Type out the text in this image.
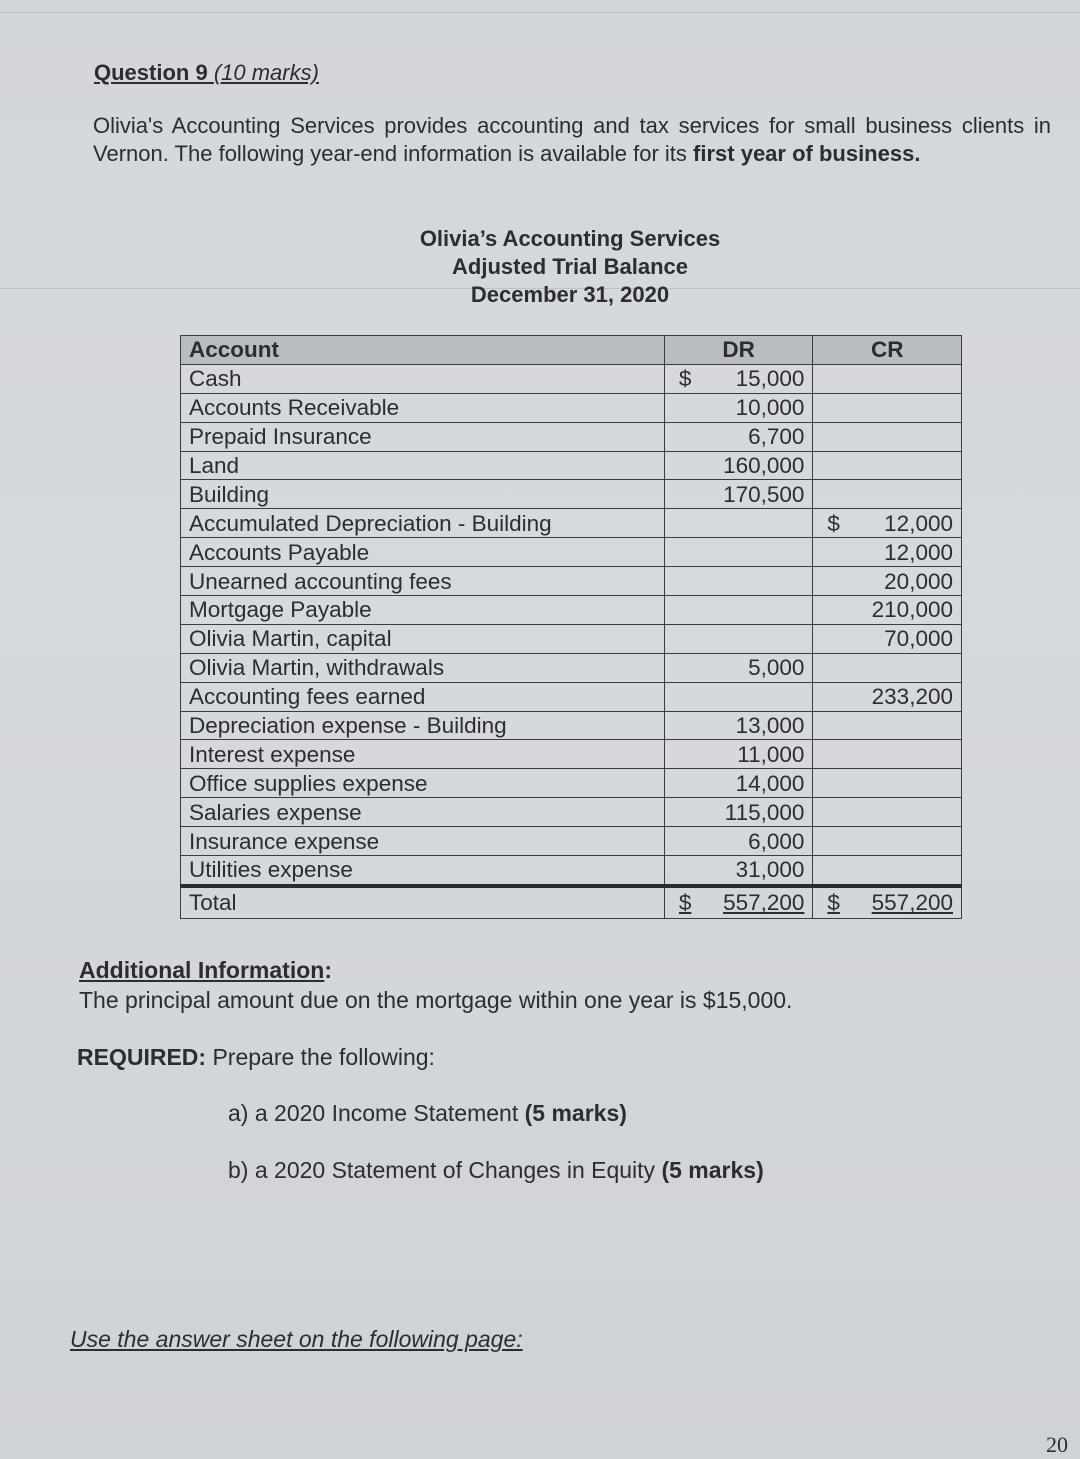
Question 9 (10 marks)
Olivia's Accounting Services provides accounting and tax services for small business clients in Vernon. The following year-end information is available for its first year of business.
Olivia’s Accounting Services
Adjusted Trial Balance
December 31, 2020
Account	DR	CR
Cash	$ 15,000	
Accounts Receivable	10,000	
Prepaid Insurance	6,700	
Land	160,000	
Building	170,500	
Accumulated Depreciation - Building		$ 12,000
Accounts Payable		12,000
Unearned accounting fees		20,000
Mortgage Payable		210,000
Olivia Martin, capital		70,000
Olivia Martin, withdrawals	5,000	
Accounting fees earned		233,200
Depreciation expense - Building	13,000	
Interest expense	11,000	
Office supplies expense	14,000	
Salaries expense	115,000	
Insurance expense	6,000	
Utilities expense	31,000	
Total	$ 557,200	$ 557,200
Additional Information:
The principal amount due on the mortgage within one year is $15,000.
REQUIRED: Prepare the following:
a) a 2020 Income Statement (5 marks)
b) a 2020 Statement of Changes in Equity (5 marks)
Use the answer sheet on the following page:
20
